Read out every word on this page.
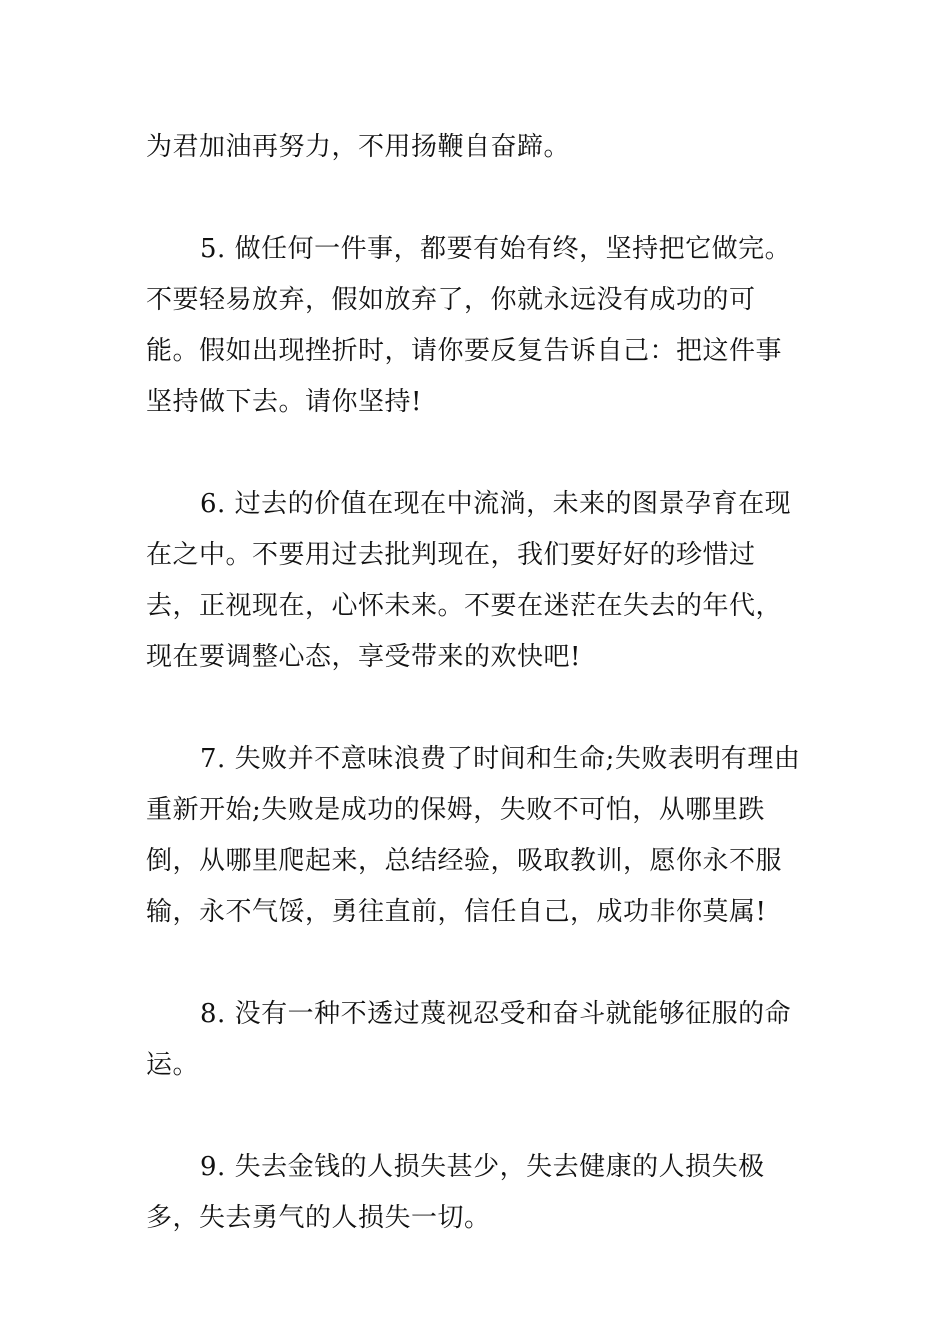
为君加油再努力，不用扬鞭自奋蹄。

5. 做任何一件事，都要有始有终，坚持把它做完。不要轻易放弃，假如放弃了，你就永远没有成功的可能。假如出现挫折时，请你要反复告诉自己：把这件事坚持做下去。请你坚持!

6. 过去的价值在现在中流淌，未来的图景孕育在现在之中。不要用过去批判现在，我们要好好的珍惜过去，正视现在，心怀未来。不要在迷茫在失去的年代，现在要调整心态，享受带来的欢快吧!

7. 失败并不意味浪费了时间和生命;失败表明有理由重新开始;失败是成功的保姆，失败不可怕，从哪里跌倒，从哪里爬起来，总结经验，吸取教训，愿你永不服输，永不气馁，勇往直前，信任自己，成功非你莫属!

8. 没有一种不透过蔑视忍受和奋斗就能够征服的命运。

9. 失去金钱的人损失甚少，失去健康的人损失极多，失去勇气的人损失一切。
